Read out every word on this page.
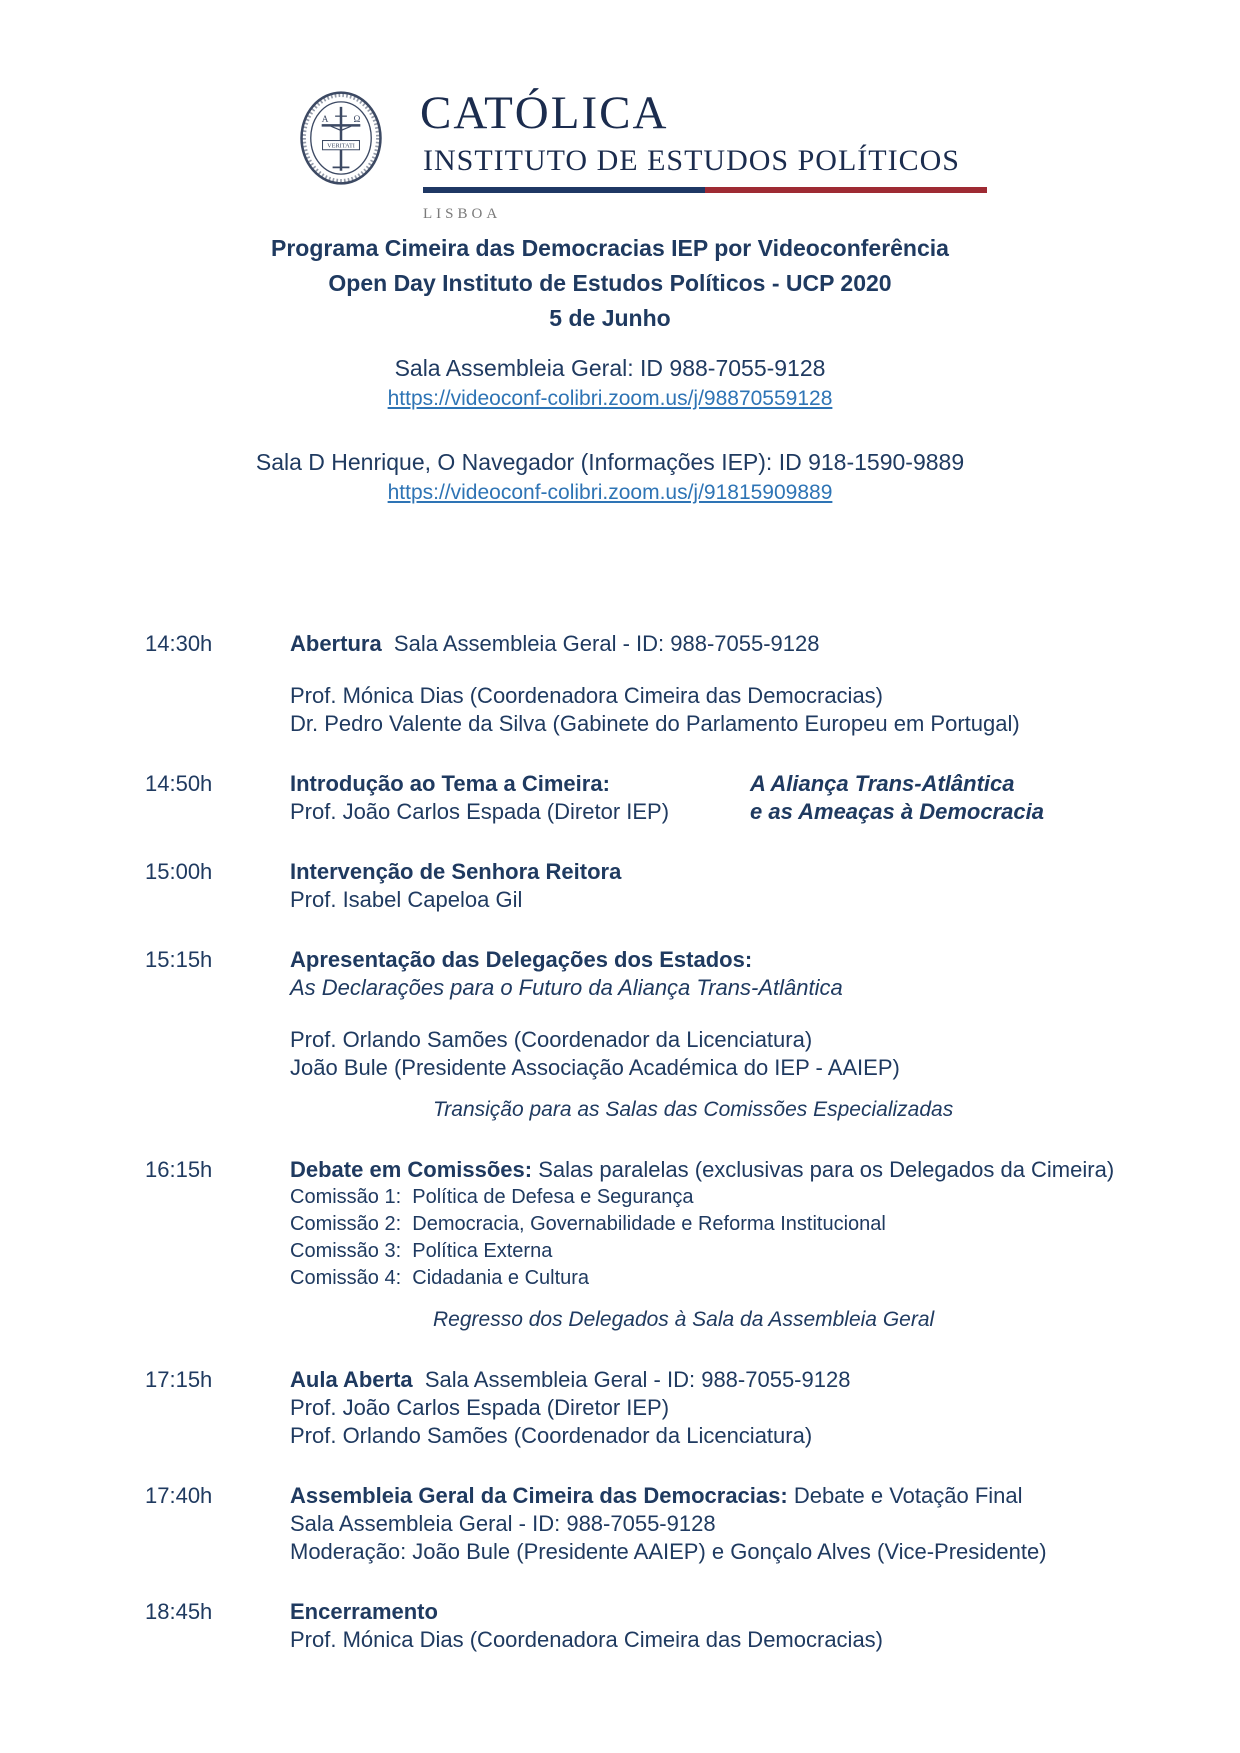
A Ω
VERITATI
CATÓLICA
INSTITUTO DE ESTUDOS POLÍTICOS
LISBOA
Programa Cimeira das Democracias IEP por Videoconferência
Open Day Instituto de Estudos Políticos - UCP 2020
5 de Junho
Sala Assembleia Geral: ID 988-7055-9128
https://videoconf-colibri.zoom.us/j/98870559128
Sala D Henrique, O Navegador (Informações IEP): ID 918-1590-9889
https://videoconf-colibri.zoom.us/j/91815909889
14:30h	Abertura  Sala Assembleia Geral - ID: 988-7055-9128
Prof. Mónica Dias (Coordenadora Cimeira das Democracias)
Dr. Pedro Valente da Silva (Gabinete do Parlamento Europeu em Portugal)
14:50h	Introdução ao Tema a Cimeira:	A Aliança Trans-Atlântica
Prof. João Carlos Espada (Diretor IEP)	e as Ameaças à Democracia
15:00h	Intervenção de Senhora Reitora
Prof. Isabel Capeloa Gil
15:15h	Apresentação das Delegações dos Estados:
As Declarações para o Futuro da Aliança Trans-Atlântica
Prof. Orlando Samões (Coordenador da Licenciatura)
João Bule (Presidente Associação Académica do IEP - AAIEP)
Transição para as Salas das Comissões Especializadas
16:15h	Debate em Comissões: Salas paralelas (exclusivas para os Delegados da Cimeira)
Comissão 1:  Política de Defesa e Segurança
Comissão 2:  Democracia, Governabilidade e Reforma Institucional
Comissão 3:  Política Externa
Comissão 4:  Cidadania e Cultura
Regresso dos Delegados à Sala da Assembleia Geral
17:15h	Aula Aberta  Sala Assembleia Geral - ID: 988-7055-9128
Prof. João Carlos Espada (Diretor IEP)
Prof. Orlando Samões (Coordenador da Licenciatura)
17:40h	Assembleia Geral da Cimeira das Democracias: Debate e Votação Final
Sala Assembleia Geral - ID: 988-7055-9128
Moderação: João Bule (Presidente AAIEP) e Gonçalo Alves (Vice-Presidente)
18:45h	Encerramento
Prof. Mónica Dias (Coordenadora Cimeira das Democracias)
